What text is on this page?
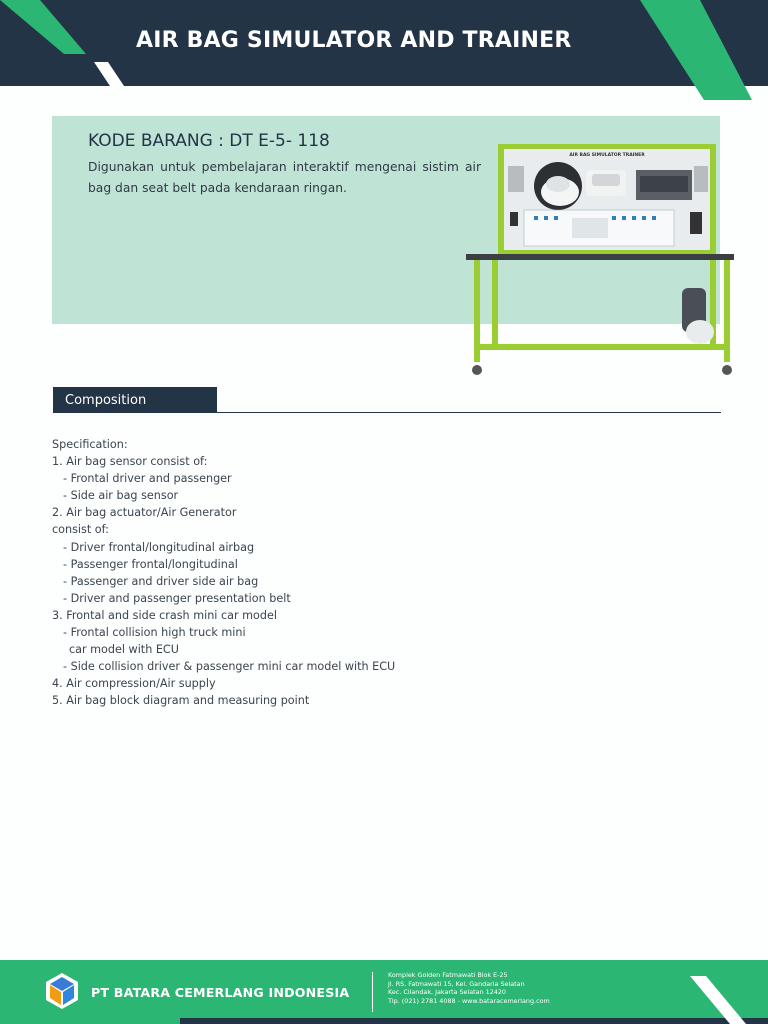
AIR BAG SIMULATOR AND TRAINER
KODE BARANG : DT E-5- 118
Digunakan untuk pembelajaran interaktif mengenai sistim air bag dan seat belt pada kendaraan ringan.
AIR BAG SIMULATOR TRAINER
Composition
Specification:
1. Air bag sensor consist of:
- Frontal driver and passenger
- Side air bag sensor
2. Air bag actuator/Air Generator
consist of:
- Driver frontal/longitudinal airbag
- Passenger frontal/longitudinal
- Passenger and driver side air bag
- Driver and passenger presentation belt
3. Frontal and side crash mini car model
- Frontal collision high truck mini
car model with ECU
- Side collision driver & passenger mini car model with ECU
4. Air compression/Air supply
5. Air bag block diagram and measuring point
PT BATARA CEMERLANG INDONESIA
Komplek Golden Fatmawati Blok E-25
Jl. RS. Fatmawati 15, Kel. Gandaria Selatan
Kec. Cilandak, Jakarta Selatan 12420
Tlp. (021) 2781 4088 - www.bataracemerlang.com
